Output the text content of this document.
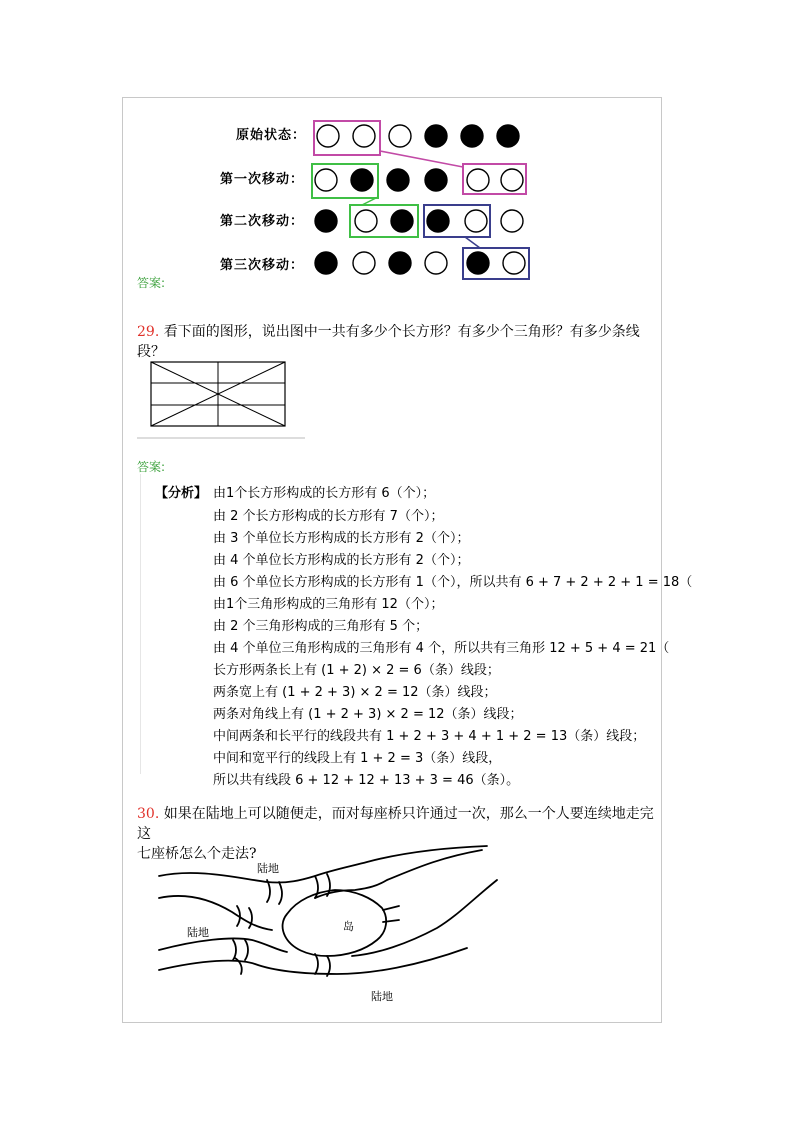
原始状态：
第一次移动：
第二次移动：
第三次移动：
答案:
29. 看下面的图形，说出图中一共有多少个长方形？有多少个三角形？有多少条线
段？
答案:
【分析】 由1个长方形构成的长方形有 6（个）；
由 2 个长方形构成的长方形有 7（个）；
由 3 个单位长方形构成的长方形有 2（个）；
由 4 个单位长方形构成的长方形有 2（个）；
由 6 个单位长方形构成的长方形有 1（个），所以共有 6 + 7 + 2 + 2 + 1 = 18（
由1个三角形构成的三角形有 12（个）；
由 2 个三角形构成的三角形有 5 个；
由 4 个单位三角形构成的三角形有 4 个，所以共有三角形 12 + 5 + 4 = 21（
长方形两条长上有 (1 + 2) × 2 = 6（条）线段；
两条宽上有 (1 + 2 + 3) × 2 = 12（条）线段；
两条对角线上有 (1 + 2 + 3) × 2 = 12（条）线段；
中间两条和长平行的线段共有 1 + 2 + 3 + 4 + 1 + 2 = 13（条）线段；
中间和宽平行的线段上有 1 + 2 = 3（条）线段，
所以共有线段 6 + 12 + 12 + 13 + 3 = 46（条）。
30. 如果在陆地上可以随便走，而对每座桥只许通过一次，那么一个人要连续地走完这
七座桥怎么个走法?
陆地
陆地	岛
陆地
